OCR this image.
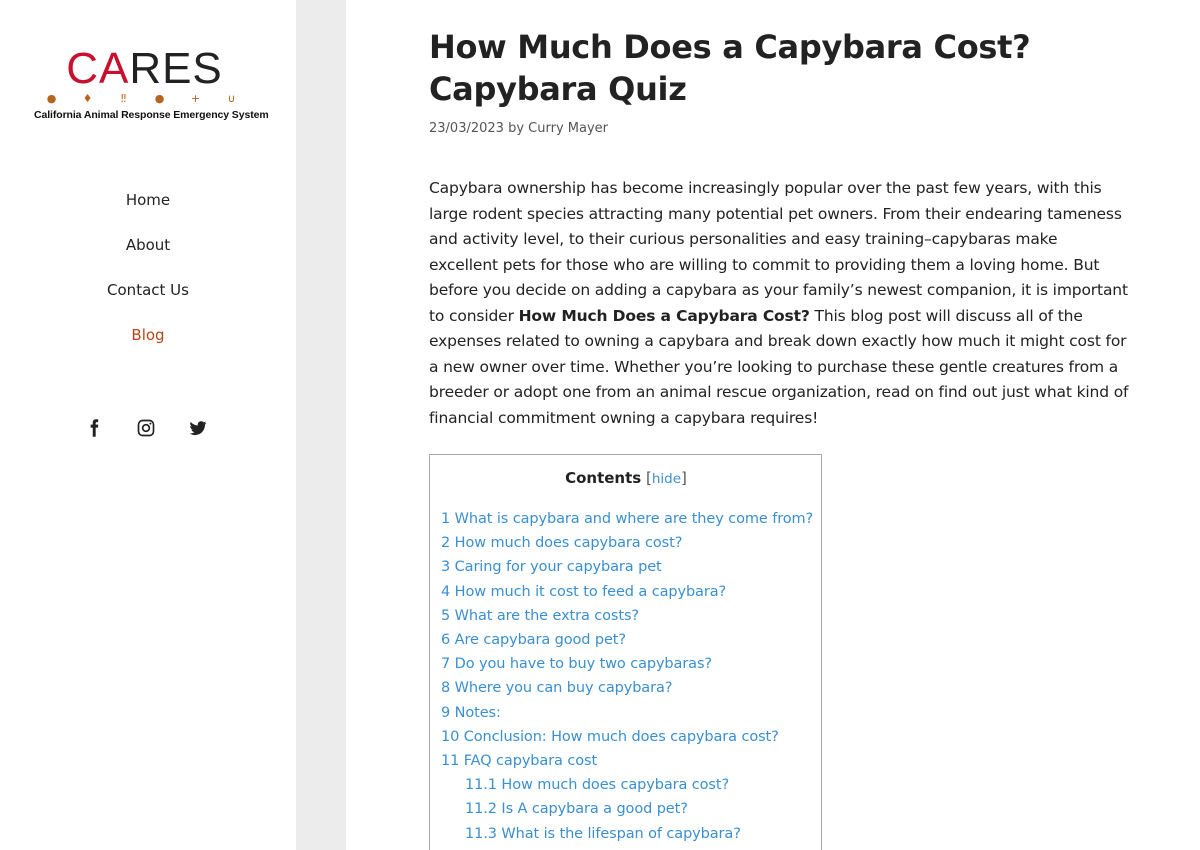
CARES
● ♦	‼	● + ∪
California Animal Response Emergency System
Home
About
Contact Us
Blog
How Much Does a Capybara Cost? Capybara Quiz
23/03/2023 by Curry Mayer

Capybara ownership has become increasingly popular over the past few years, with this large rodent species attracting many potential pet owners. From their endearing tameness and activity level, to their curious personalities and easy training–capybaras make excellent pets for those who are willing to commit to providing them a loving home. But before you decide on adding a capybara as your family’s newest companion, it is important to consider How Much Does a Capybara Cost? This blog post will discuss all of the expenses related to owning a capybara and break down exactly how much it might cost for a new owner over time. Whether you’re looking to purchase these gentle creatures from a breeder or adopt one from an animal rescue organization, read on find out just what kind of financial commitment owning a capybara requires!

Contents [hide]
1 What is capybara and where are they come from?
2 How much does capybara cost?
3 Caring for your capybara pet
4 How much it cost to feed a capybara?
5 What are the extra costs?
6 Are capybara good pet?
7 Do you have to buy two capybaras?
8 Where you can buy capybara?
9 Notes:
10 Conclusion: How much does capybara cost?
11 FAQ capybara cost
11.1 How much does capybara cost?
11.2 Is A capybara a good pet?
11.3 What is the lifespan of capybara?
